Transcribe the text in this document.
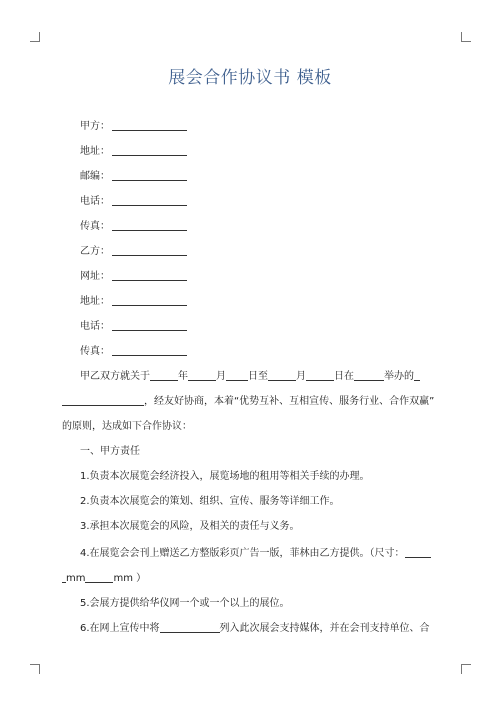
展会合作协议书 模板
甲方：
地址：
邮编：
电话：
传真：
乙方：
网址：
地址：
电话：
传真：
甲乙双方就关于	年	月 日至	月	日在	举办的
，经友好协商，本着“优势互补、互相宣传、服务行业、合作双赢”
的原则，达成如下合作协议：
一、甲方责任
1.负责本次展览会经济投入，展览场地的租用等相关手续的办理。
2.负责本次展览会的策划、组织、宣传、服务等详细工作。
3.承担本次展览会的风险，及相关的责任与义务。
4.在展览会会刊上赠送乙方整版彩页广告一版，菲林由乙方提供。（尺寸：
mm	mm ）
5.会展方提供给华仪网一个或一个以上的展位。
6.在网上宣传中将	列入此次展会支持媒体，并在会刊支持单位、合
